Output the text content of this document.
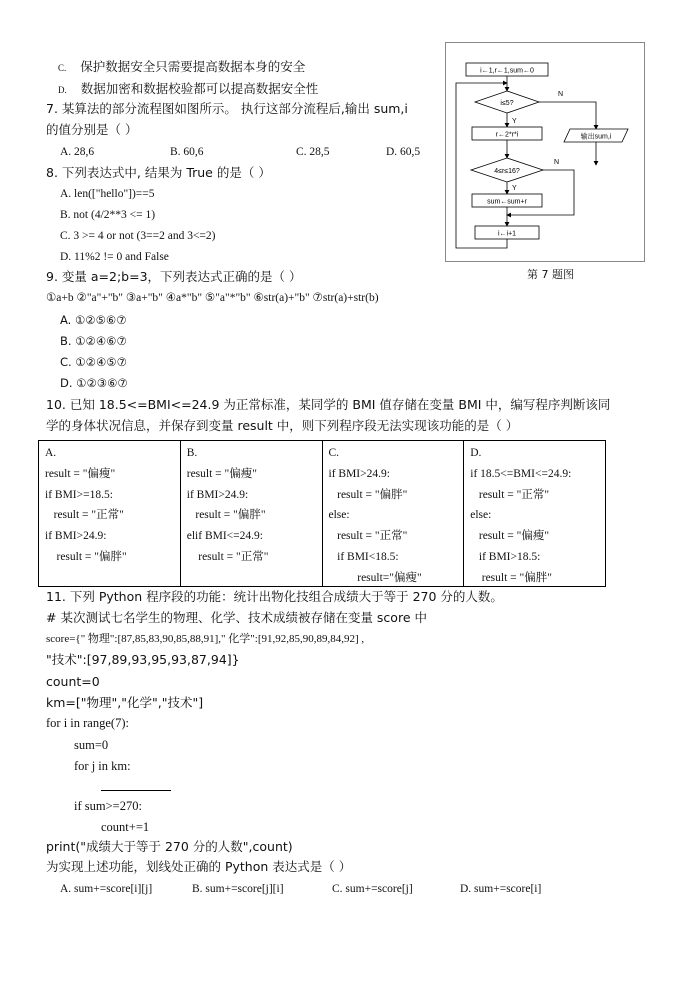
C. 保护数据安全只需要提高数据本身的安全
D. 数据加密和数据校验都可以提高数据安全性
7. 某算法的部分流程图如图所示。 执行这部分流程后,输出 sum,i
的值分别是（ ）
A. 28,6	B. 60,6	C. 28,5	D. 60,5
i←1,r←1,sum←0
i≤5?
N
Y
r←2*r*i	输出sum,i
4≤r≤16?
N
Y
sum←sum+r
i←i+1
第 7 题图
8. 下列表达式中, 结果为 True 的是（ ）
A. len(["hello"])==5
B. not (4/2**3 <= 1)
C. 3 >= 4 or not (3==2 and 3<=2)
D. 11%2 != 0 and False
9. 变量 a=2;b=3，下列表达式正确的是（ ）
①a+b ②"a"+"b" ③a+"b" ④a*"b" ⑤"a"*"b" ⑥str(a)+"b" ⑦str(a)+str(b)
A. ①②⑤⑥⑦
B. ①②④⑥⑦
C. ①②④⑤⑦
D. ①②③⑥⑦
10. 已知 18.5<=BMI<=24.9 为正常标准，某同学的 BMI 值存储在变量 BMI 中，编写程序判断该同
学的身体状况信息，并保存到变量 result 中，则下列程序段无法实现该功能的是（ ）
A.
result = "偏瘦"
if BMI>=18.5:
result = "正常"
if BMI>24.9:
result = "偏胖"
B.
result = "偏瘦"
if BMI>24.9:
result = "偏胖"
elif BMI<=24.9:
result = "正常"
C.
if BMI>24.9:
result = "偏胖"
else:
result = "正常"
if BMI<18.5:
result="偏瘦"
D.
if 18.5<=BMI<=24.9:
result = "正常"
else:
result = "偏瘦"
if BMI>18.5:
result = "偏胖"
11. 下列 Python 程序段的功能：统计出物化技组合成绩大于等于 270 分的人数。
# 某次测试七名学生的物理、化学、技术成绩被存储在变量 score 中
score={" 物理":[87,85,83,90,85,88,91]," 化学":[91,92,85,90,89,84,92] ,
"技术":[97,89,93,95,93,87,94]}
count=0
km=["物理","化学","技术"]
for i in range(7):
sum=0
for j in km:
if sum>=270:
count+=1
print("成绩大于等于 270 分的人数",count)
为实现上述功能，划线处正确的 Python 表达式是（ ）
A. sum+=score[i][j]	B. sum+=score[j][i]	C. sum+=score[j]	D. sum+=score[i]
